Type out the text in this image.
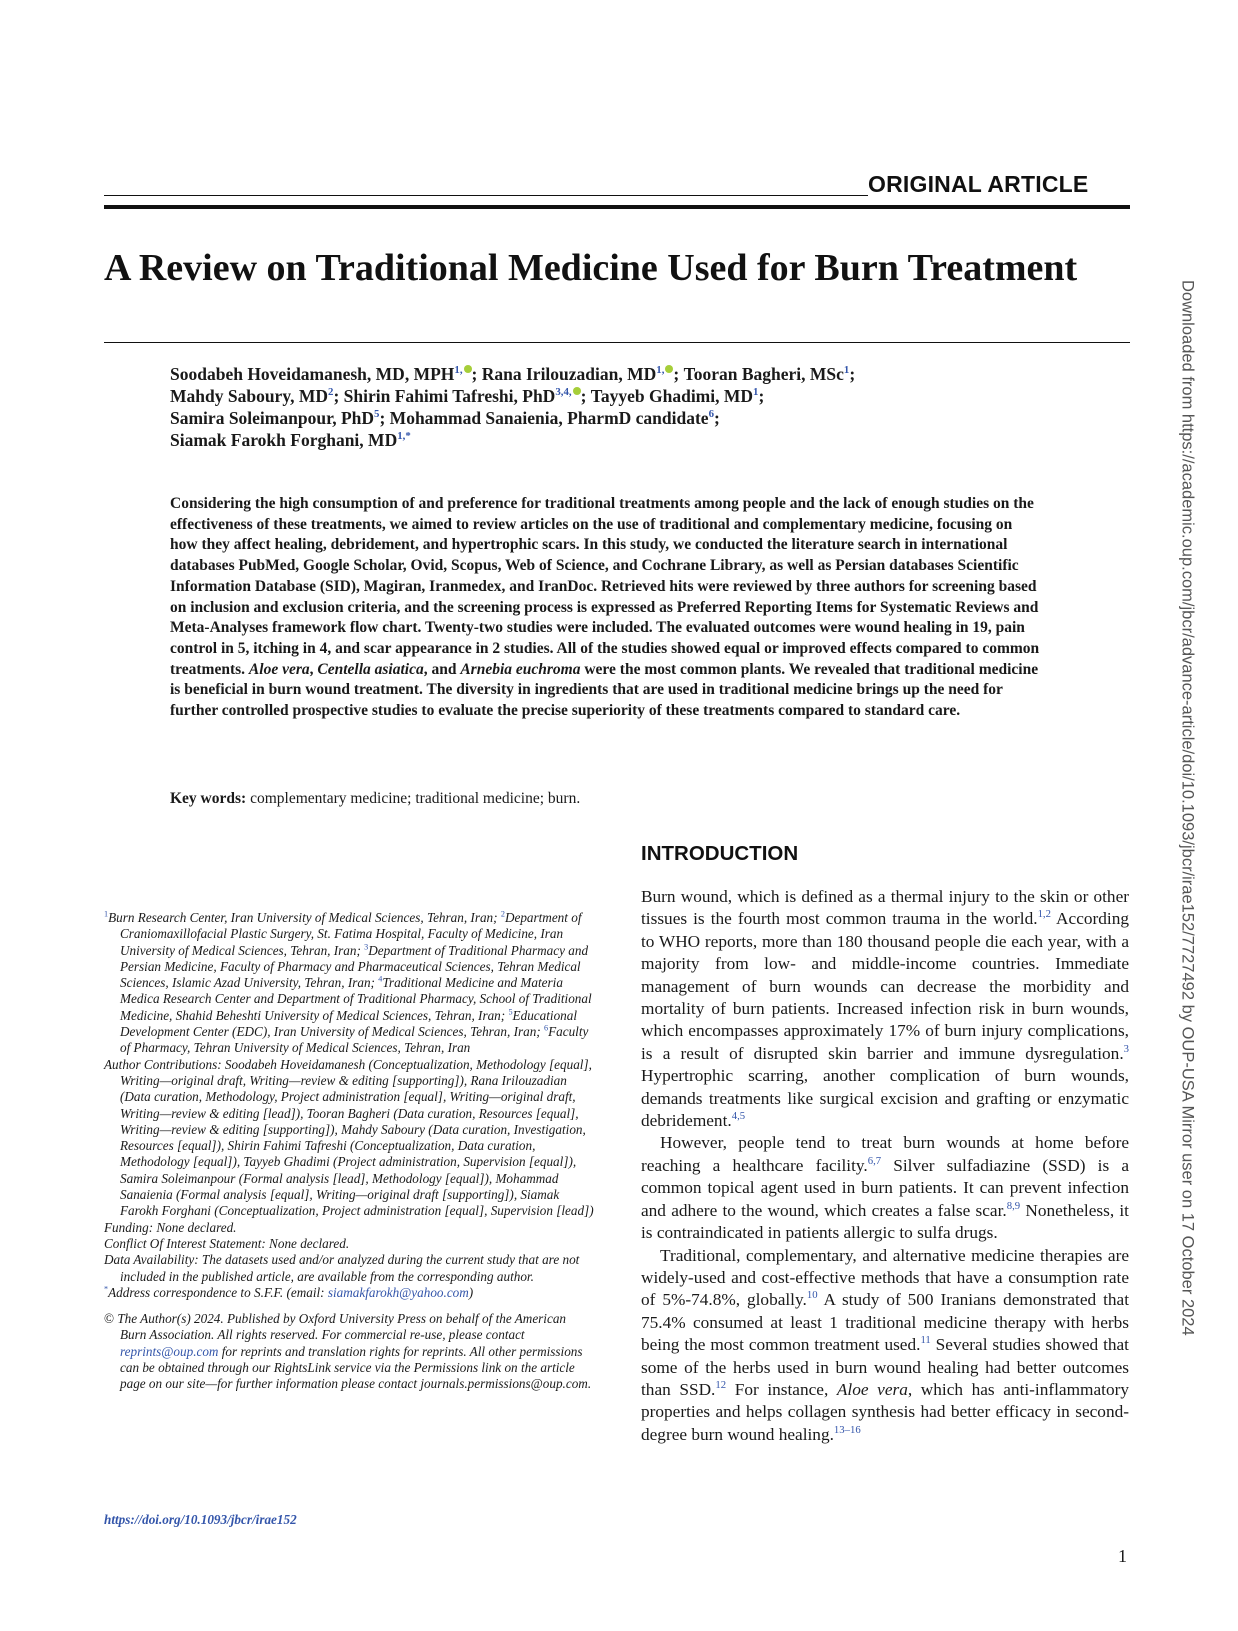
ORIGINAL ARTICLE
A Review on Traditional Medicine Used for Burn Treatment
Soodabeh Hoveidamanesh, MD, $MPH^{1,}$ ; Rana Irilouzadian, $MD^{1,}$ ; Tooran Bagheri, MSc$^1$;
Mahdy Saboury, $MD^2$; Shirin Fahimi Tafreshi, PhD$^{3,4,}$ ; Tayyeb Ghadimi, $MD^1$;
Samira Soleimanpour, PhD$^5$; Mohammad Sanaienia, PharmD candidate$^6$;
Siamak Farokh Forghani, $MD^{1,*}$
Considering the high consumption of and preference for traditional treatments among people and the lack of enough studies on the effectiveness of these treatments, we aimed to review articles on the use of traditional and complementary medicine, focusing on how they affect healing, debridement, and hypertrophic scars. In this study, we conducted the literature search in international databases PubMed, Google Scholar, Ovid, Scopus, Web of Science, and Cochrane Library, as well as Persian databases Scientific Information Database (SID), Magiran, Iranmedex, and IranDoc. Retrieved hits were reviewed by three authors for screening based on inclusion and exclusion criteria, and the screening process is expressed as Preferred Reporting Items for Systematic Reviews and Meta-Analyses framework flow chart. Twenty-two studies were included. The evaluated outcomes were wound healing in 19, pain control in 5, itching in 4, and scar appearance in 2 studies. All of the studies showed equal or improved effects compared to common treatments. Aloe vera, Centella asiatica, and Arnebia euchroma were the most common plants. We revealed that traditional medicine is beneficial in burn wound treatment. The diversity in ingredients that are used in traditional medicine brings up the need for further controlled prospective studies to evaluate the precise superiority of these treatments compared to standard care.
Key words: complementary medicine; traditional medicine; burn.
INTRODUCTION

Burn wound, which is defined as a thermal injury to the skin or other tissues is the fourth most common trauma in the world.$^{1,2}$ According to WHO reports, more than 180 thousand people die each year, with a majority from low- and middle-income countries. Immediate management of burn wounds can decrease the morbidity and mortality of burn patients. Increased infection risk in burn wounds, which encompasses approximately 17% of burn injury complications, is a result of disrupted skin barrier and immune dysregulation.$^3$ Hypertrophic scarring, another complication of burn wounds, demands treatments like surgical excision and grafting or enzymatic debridement.$^{4,5}$

However, people tend to treat burn wounds at home before reaching a healthcare facility.$^{6,7}$ Silver sulfadiazine (SSD) is a common topical agent used in burn patients. It can prevent infection and adhere to the wound, which creates a false scar.$^{8,9}$ Nonetheless, it is contraindicated in patients allergic to sulfa drugs.

Traditional, complementary, and alternative medicine therapies are widely-used and cost-effective methods that have a consumption rate of 5%-74.8%, globally.$^{10}$ A study of 500 Iranians demonstrated that 75.4% consumed at least 1 traditional medicine therapy with herbs being the most common treatment used.$^{11}$ Several studies showed that some of the herbs used in burn wound healing had better outcomes than SSD.$^{12}$ For instance, Aloe vera, which has anti-inflammatory properties and helps collagen synthesis had better efficacy in second-degree burn wound healing.$^{13-16}$

$^1$Burn Research Center, Iran University of Medical Sciences, Tehran, Iran; $^2$Department of Craniomaxillofacial Plastic Surgery, St. Fatima Hospital, Faculty of Medicine, Iran University of Medical Sciences, Tehran, Iran; $^3$Department of Traditional Pharmacy and Persian Medicine, Faculty of Pharmacy and Pharmaceutical Sciences, Tehran Medical Sciences, Islamic Azad University, Tehran, Iran; $^4$Traditional Medicine and Materia Medica Research Center and Department of Traditional Pharmacy, School of Traditional Medicine, Shahid Beheshti University of Medical Sciences, Tehran, Iran; $^5$Educational Development Center (EDC), Iran University of Medical Sciences, Tehran, Iran; $^6$Faculty of Pharmacy, Tehran University of Medical Sciences, Tehran, Iran

Author Contributions: Soodabeh Hoveidamanesh (Conceptualization, Methodology [equal], Writing—original draft, Writing—review & editing [supporting]), Rana Irilouzadian (Data curation, Methodology, Project administration [equal], Writing—original draft, Writing—review & editing [lead]), Tooran Bagheri (Data curation, Resources [equal], Writing—review & editing [supporting]), Mahdy Saboury (Data curation, Investigation, Resources [equal]), Shirin Fahimi Tafreshi (Conceptualization, Data curation, Methodology [equal]), Tayyeb Ghadimi (Project administration, Supervision [equal]), Samira Soleimanpour (Formal analysis [lead], Methodology [equal]), Mohammad Sanaienia (Formal analysis [equal], Writing—original draft [supporting]), Siamak Farokh Forghani (Conceptualization, Project administration [equal], Supervision [lead])

Funding: None declared.

Conflict Of Interest Statement: None declared.

Data Availability: The datasets used and/or analyzed during the current study that are not included in the published article, are available from the corresponding author.

*Address correspondence to S.F.F. (email: siamakfarokh@yahoo.com)

© The Author(s) 2024. Published by Oxford University Press on behalf of the American Burn Association. All rights reserved. For commercial re-use, please contact reprints@oup.com for reprints and translation rights for reprints. All other permissions can be obtained through our RightsLink service via the Permissions link on the article page on our site—for further information please contact journals.permissions@oup.com.

https://doi.org/10.1093/jbcr/irae152
1
Downloaded from https://academic.oup.com/jbcr/advance-article/doi/10.1093/jbcr/irae152/7727492 by OUP-USA Mirror user on 17 October 2024
